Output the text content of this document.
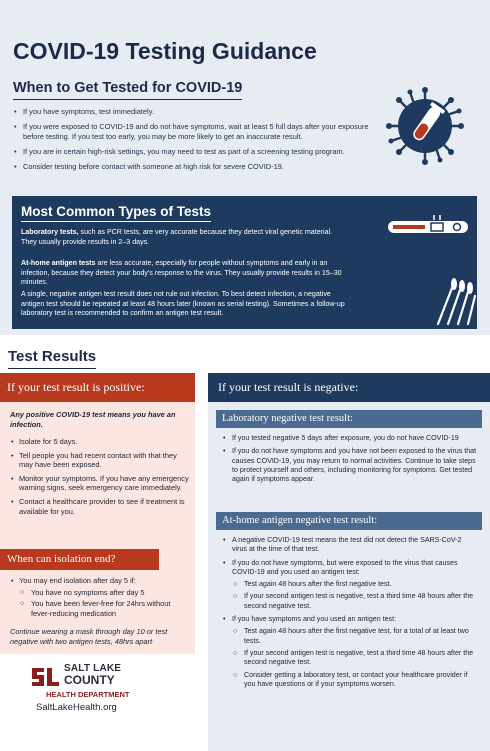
COVID-19 Testing Guidance
When to Get Tested for COVID-19
• If you have symptoms, test immediately.
• If you were exposed to COVID-19 and do not have symptoms, wait at least 5 full days after your exposure before testing. If you test too early, you may be more likely to get an inaccurate result.
• If you are in certain high-risk settings, you may need to test as part of a screening testing program.
• Consider testing before contact with someone at high risk for severe COVID-19.
Most Common Types of Tests

Laboratory tests, such as PCR tests, are very accurate because they detect viral genetic material. They usually provide results in 2–3 days.

At-home antigen tests are less accurate, especially for people without symptoms and early in an infection, because they detect your body's response to the virus. They usually provide results in 15–30 minutes.

A single, negative antigen test result does not rule out infection. To best detect infection, a negative antigen test should be repeated at least 48 hours later (known as serial testing). Sometimes a follow-up laboratory test is recommended to confirm an antigen test result.

Test Results
If your test result is positive:

Any positive COVID-19 test means you have an infection.

• Isolate for 5 days.
• Tell people you had recent contact with that they may have been exposed.
• Monitor your symptoms. If you have any emergency warning signs, seek emergency care immediately.
• Contact a healthcare provider to see if treatment is available for you.
When can isolation end?
• You may end isolation after day 5 if:
○ You have no symptoms after day 5
○ You have been fever-free for 24hrs without fever-reducing medication

Continue wearing a mask through day 10 or test negative with two antigen tests, 48hrs apart

SALT LAKE
COUNTY
HEALTH DEPARTMENT
SaltLakeHealth.org
If your test result is negative:
Laboratory negative test result:
• If you tested negative 5 days after exposure, you do not have COVID-19
• If you do not have symptoms and you have not been exposed to the virus that causes COVID-19, you may return to normal activities. Continue to take steps to protect yourself and others, including monitoring for symptoms. Get tested again if symptoms appear.
At-home antigen negative test result:
• A negative COVID-19 test means the test did not detect the SARS-CoV-2 virus at the time of that test.
• If you do not have symptoms, but were exposed to the virus that causes COVID-19 and you used an antigen test:
○ Test again 48 hours after the first negative test.
○ If your second antigen test is negative, test a third time 48 hours after the second negative test.
• If you have symptoms and you used an antigen test:
○ Test again 48 hours after the first negative test, for a total of at least two tests.
○ If your second antigen test is negative, test a third time 48 hours after the second negative test.
○ Consider getting a laboratory test, or contact your healthcare provider if you have questions or if your symptoms worsen.
